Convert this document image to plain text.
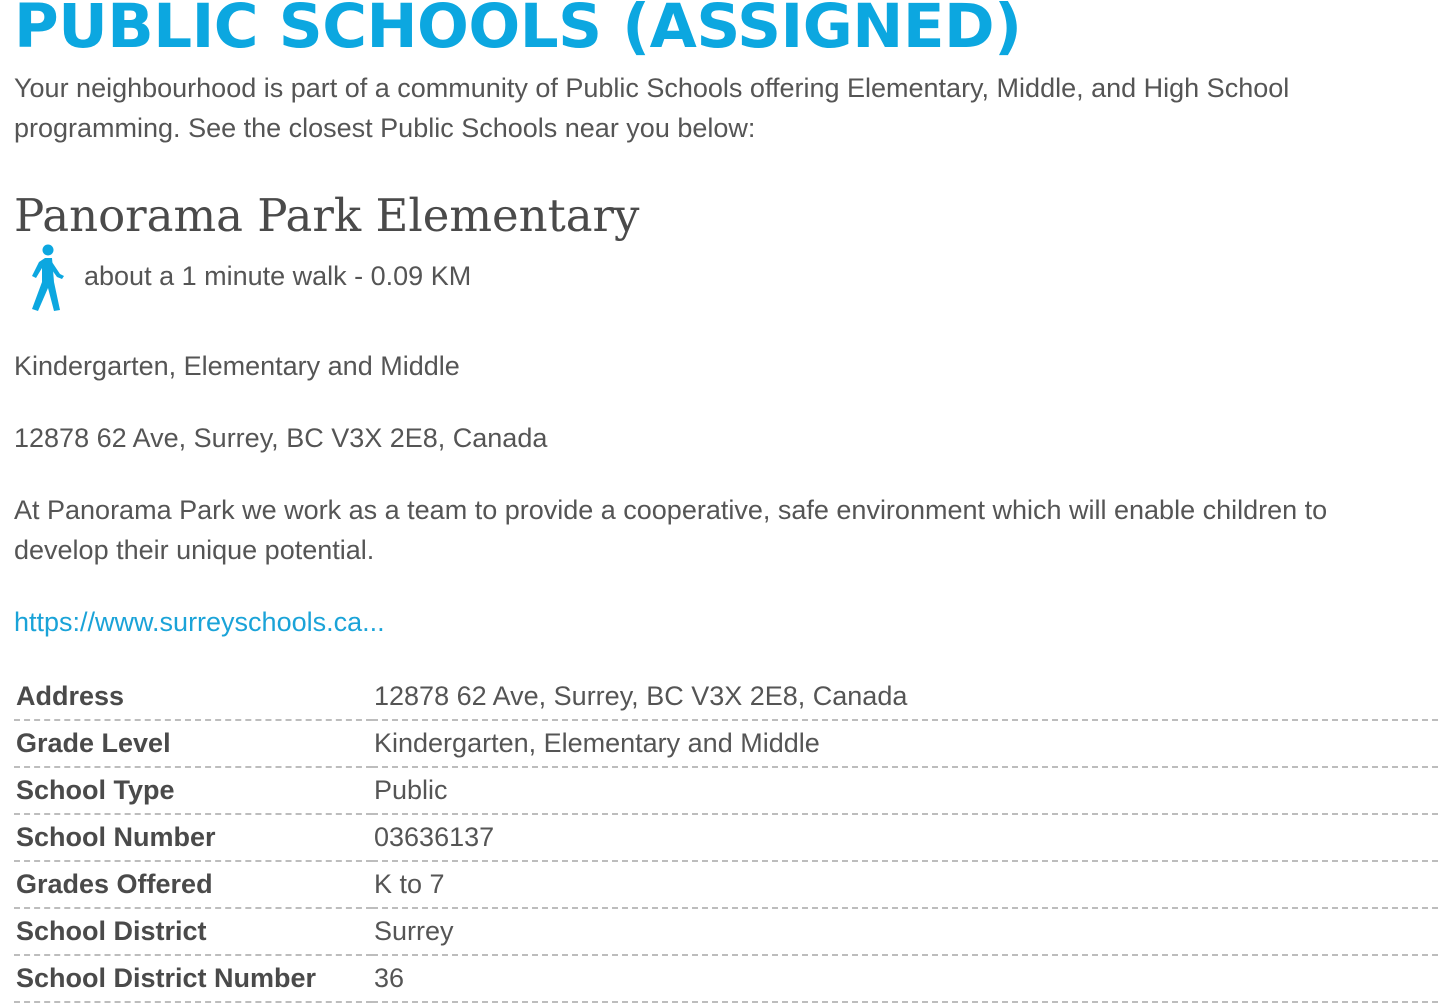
PUBLIC SCHOOLS (ASSIGNED)

Your neighbourhood is part of a community of Public Schools offering Elementary, Middle, and High School programming. See the closest Public Schools near you below:

Panorama Park Elementary
about a 1 minute walk - 0.09 KM

Kindergarten, Elementary and Middle

12878 62 Ave, Surrey, BC V3X 2E8, Canada

At Panorama Park we work as a team to provide a cooperative, safe environment which will enable children to develop their unique potential.

https://www.surreyschools.ca...
Address	12878 62 Ave, Surrey, BC V3X 2E8, Canada
Grade Level	Kindergarten, Elementary and Middle
School Type	Public
School Number	03636137
Grades Offered	K to 7
School District	Surrey
School District Number	36
